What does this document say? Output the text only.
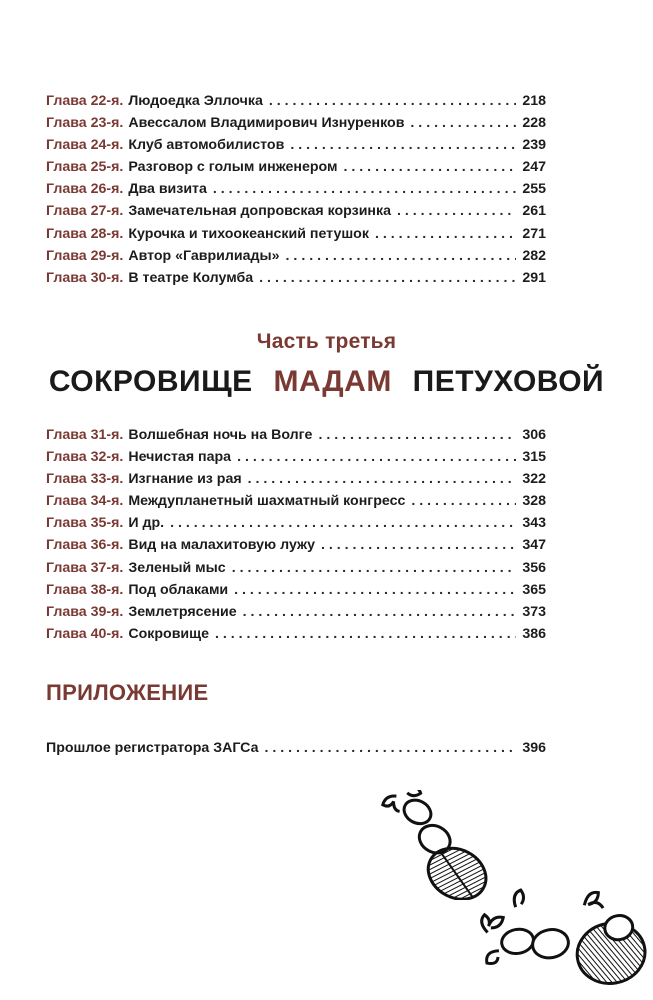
Глава 22-я. Людоедка Эллочка . . .	218
Глава 23-я. Авессалом Владимирович Изнуренков . . .	228
Глава 24-я. Клуб автомобилистов . . .	239
Глава 25-я. Разговор с голым инженером . . .	247
Глава 26-я. Два визита . . .	255
Глава 27-я. Замечательная допровская корзинка . . .	261
Глава 28-я. Курочка и тихоокеанский петушок . . .	271
Глава 29-я. Автор «Гаврилиады» . . .	282
Глава 30-я. В театре Колумба . . .	291
Часть третья
СОКРОВИЩЕ МАДАМ ПЕТУХОВОЙ
Глава 31-я. Волшебная ночь на Волге . . .	306
Глава 32-я. Нечистая пара . . .	315
Глава 33-я. Изгнание из рая . . .	322
Глава 34-я. Междупланетный шахматный конгресс . . .	328
Глава 35-я. И др. . . .	343
Глава 36-я. Вид на малахитовую лужу . . .	347
Глава 37-я. Зеленый мыс . . .	356
Глава 38-я. Под облаками . . .	365
Глава 39-я. Землетрясение . . .	373
Глава 40-я. Сокровище . . .	386
ПРИЛОЖЕНИЕ
Прошлое регистратора ЗАГСа . . .	396
